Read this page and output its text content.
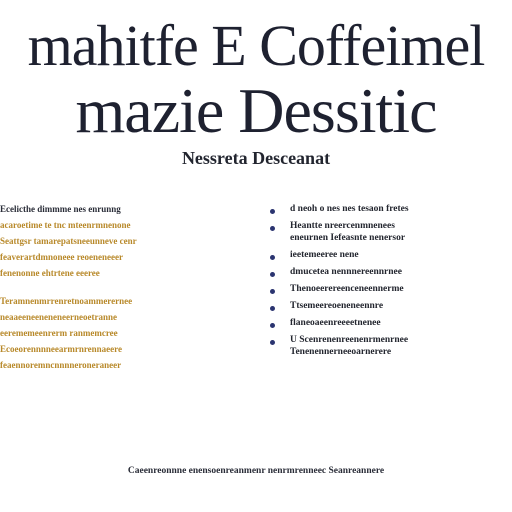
mahitfe E Coffeimel
mazie Dessitic
Nessreta Desceanat
Ecelicthe dimmme nes enrunng
acaroetime te tnc mteenrmnenone
Seattgsr tamarepatsneeunneve cenr
feaverartdmnoneee reoeneneeer
fenenonne ehtrtene eeeree
Teramnenmrrenretnoammerernee
neaaeeneeneneneerneoetranne
eerememeenrerm ranmemcree
Ecoeorennnneearmrnrennaeere
feaennoremncnnnneroneraneer
d neoh o nes nes tesaon fretes
Heantte nreercenmnenees
eneurnen Iefeasnte nenersor
ieetemeeree nene
dmucetea nennnereennrnee
Thenoeerereenceneennerme
Ttsemeereoeneneennre
flaneoaeenreeeetnenee
U Scenrenenreenenrmenrnee
Tenenennerneeoarnerere
Caeenreonnne enensoenreanmenr nenrmrenneec Seanreannere
